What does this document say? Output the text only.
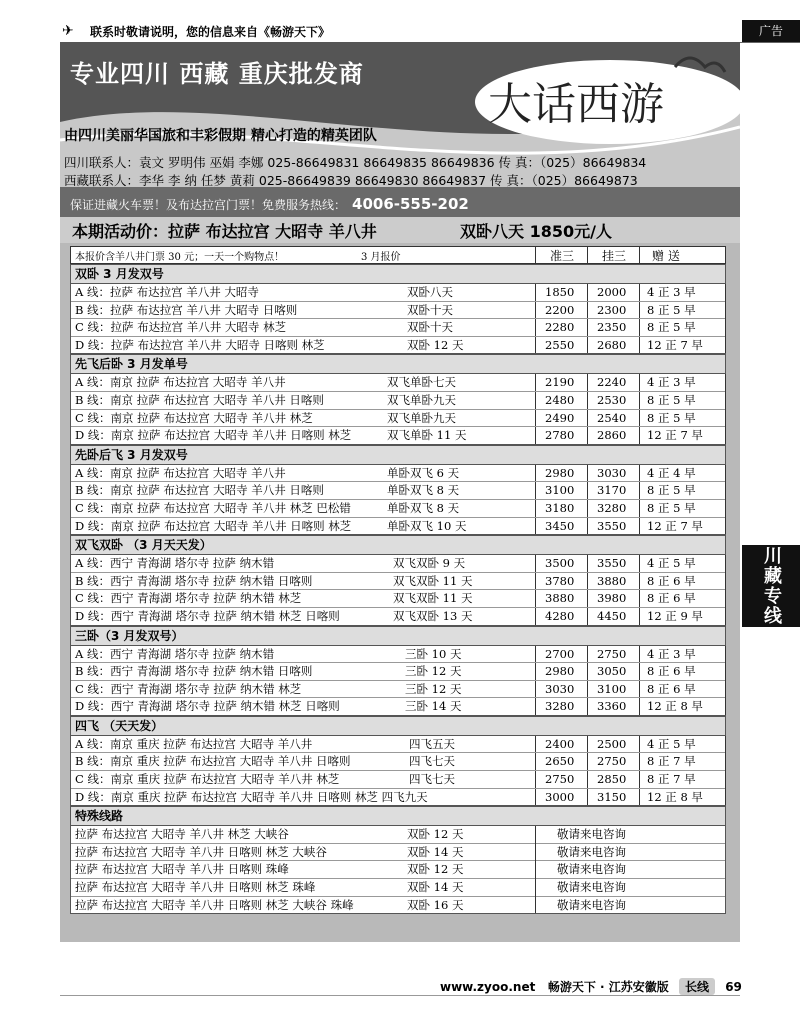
✈ 联系时敬请说明，您的信息来自《畅游天下》	广告
专业四川 西藏 重庆批发商
大话西游
由四川美丽华国旅和丰彩假期 精心打造的精英团队
四川联系人：袁文 罗明伟 巫娟 李娜 025-86649831 86649835 86649836 传 真：（025）86649834
西藏联系人：李华 李 纳 任梦 黄莉 025-86649839 86649830 86649837 传 真：（025）86649873
保证进藏火车票！及布达拉宫门票！免费服务热线： 4006-555-202
本期活动价：拉萨 布达拉宫 大昭寺 羊八井	双卧八天 1850元/人
本报价含羊八井门票 30 元；一天一个购物点！	3 月报价	准三	挂三	赠 送
双卧 3 月发双号
A 线：拉萨 布达拉宫 羊八井 大昭寺	双卧八天	1850	2000	4 正 3 早
B 线：拉萨 布达拉宫 羊八井 大昭寺 日喀则	双卧十天	2200	2300	8 正 5 早
C 线：拉萨 布达拉宫 羊八井 大昭寺 林芝	双卧十天	2280	2350	8 正 5 早
D 线：拉萨 布达拉宫 羊八井 大昭寺 日喀则 林芝	双卧 12 天	2550	2680	12 正 7 早
先飞后卧 3 月发单号
A 线：南京 拉萨 布达拉宫 大昭寺 羊八井	双飞单卧七天	2190	2240	4 正 3 早
B 线：南京 拉萨 布达拉宫 大昭寺 羊八井 日喀则	双飞单卧九天	2480	2530	8 正 5 早
C 线：南京 拉萨 布达拉宫 大昭寺 羊八井 林芝	双飞单卧九天	2490	2540	8 正 5 早
D 线：南京 拉萨 布达拉宫 大昭寺 羊八井 日喀则 林芝	双飞单卧 11 天	2780	2860	12 正 7 早
先卧后飞 3 月发双号
A 线：南京 拉萨 布达拉宫 大昭寺 羊八井	单卧双飞 6 天	2980	3030	4 正 4 早
B 线：南京 拉萨 布达拉宫 大昭寺 羊八井 日喀则	单卧双飞 8 天	3100	3170	8 正 5 早
C 线：南京 拉萨 布达拉宫 大昭寺 羊八井 林芝 巴松错	单卧双飞 8 天	3180	3280	8 正 5 早
D 线：南京 拉萨 布达拉宫 大昭寺 羊八井 日喀则 林芝	单卧双飞 10 天	3450	3550	12 正 7 早
双飞双卧 （3 月天天发）
A 线：西宁 青海湖 塔尔寺 拉萨 纳木错	双飞双卧 9 天	3500	3550	4 正 5 早
B 线：西宁 青海湖 塔尔寺 拉萨 纳木错 日喀则	双飞双卧 11 天	3780	3880	8 正 6 早
C 线：西宁 青海湖 塔尔寺 拉萨 纳木错 林芝	双飞双卧 11 天	3880	3980	8 正 6 早
D 线：西宁 青海湖 塔尔寺 拉萨 纳木错 林芝 日喀则	双飞双卧 13 天	4280	4450	12 正 9 早
三卧（3 月发双号）
A 线：西宁 青海湖 塔尔寺 拉萨 纳木错	三卧 10 天	2700	2750	4 正 3 早
B 线：西宁 青海湖 塔尔寺 拉萨 纳木错 日喀则	三卧 12 天	2980	3050	8 正 6 早
C 线：西宁 青海湖 塔尔寺 拉萨 纳木错 林芝	三卧 12 天	3030	3100	8 正 6 早
D 线：西宁 青海湖 塔尔寺 拉萨 纳木错 林芝 日喀则	三卧 14 天	3280	3360	12 正 8 早
四飞 （天天发）
A 线：南京 重庆 拉萨 布达拉宫 大昭寺 羊八井	四飞五天	2400	2500	4 正 5 早
B 线：南京 重庆 拉萨 布达拉宫 大昭寺 羊八井 日喀则	四飞七天	2650	2750	8 正 7 早
C 线：南京 重庆 拉萨 布达拉宫 大昭寺 羊八井 林芝	四飞七天	2750	2850	8 正 7 早
D 线：南京 重庆 拉萨 布达拉宫 大昭寺 羊八井 日喀则 林芝 四飞九天	3000	3150	12 正 8 早
特殊线路
拉萨 布达拉宫 大昭寺 羊八井 林芝 大峡谷	双卧 12 天	敬请来电咨询
拉萨 布达拉宫 大昭寺 羊八井 日喀则 林芝 大峡谷	双卧 14 天	敬请来电咨询
拉萨 布达拉宫 大昭寺 羊八井 日喀则 珠峰	双卧 12 天	敬请来电咨询
拉萨 布达拉宫 大昭寺 羊八井 日喀则 林芝 珠峰	双卧 14 天	敬请来电咨询
拉萨 布达拉宫 大昭寺 羊八井 日喀则 林芝 大峡谷 珠峰	双卧 16 天	敬请来电咨询
川藏专线
www.zyoo.net 畅游天下 · 江苏安徽版 长线 69
